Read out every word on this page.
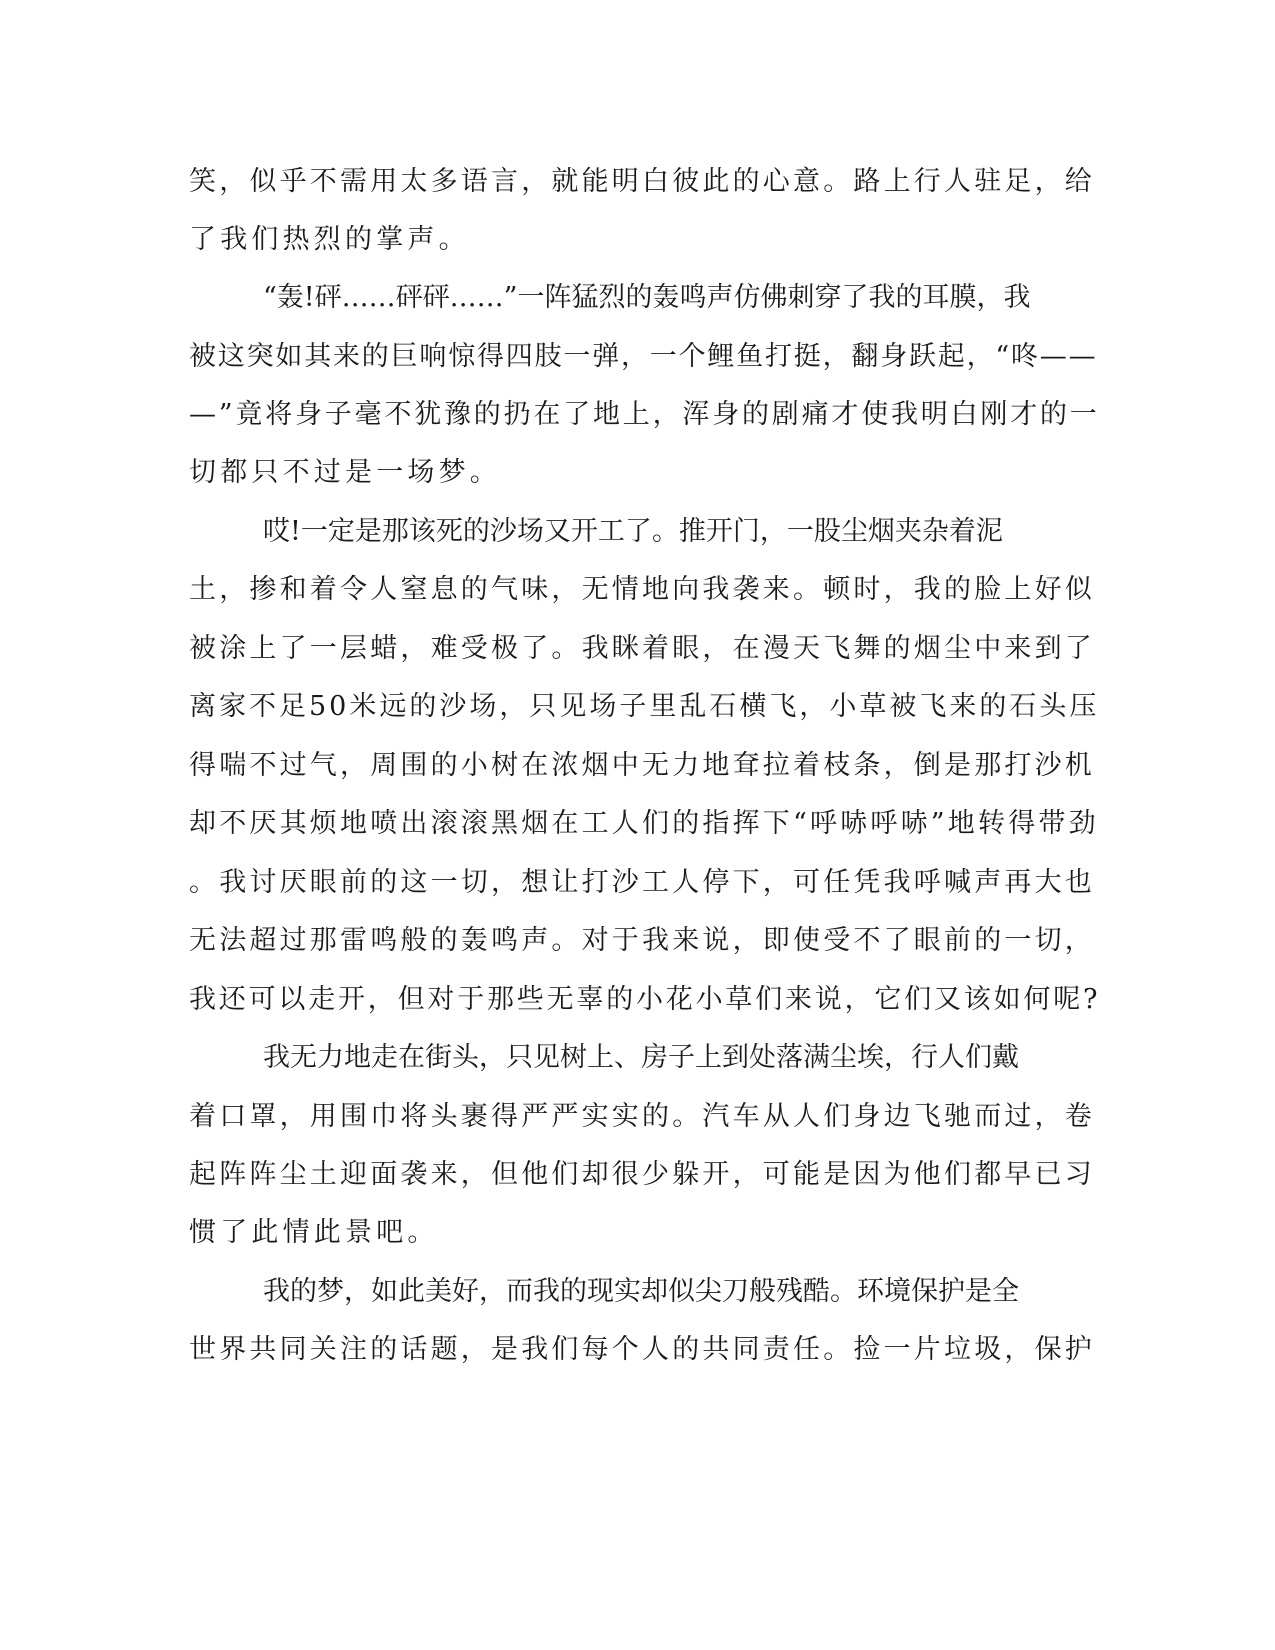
笑，似乎不需用太多语言，就能明白彼此的心意。路上行人驻足，给
了我们热烈的掌声。
“轰!砰……砰砰……”一阵猛烈的轰鸣声仿佛刺穿了我的耳膜，我
被这突如其来的巨响惊得四肢一弹，一个鲤鱼打挺，翻身跃起，“咚——
—”竟将身子毫不犹豫的扔在了地上，浑身的剧痛才使我明白刚才的一
切都只不过是一场梦。
哎!一定是那该死的沙场又开工了。推开门，一股尘烟夹杂着泥
土，掺和着令人窒息的气味，无情地向我袭来。顿时，我的脸上好似
被涂上了一层蜡，难受极了。我眯着眼，在漫天飞舞的烟尘中来到了
离家不足50米远的沙场，只见场子里乱石横飞，小草被飞来的石头压
得喘不过气，周围的小树在浓烟中无力地耷拉着枝条，倒是那打沙机
却不厌其烦地喷出滚滚黑烟在工人们的指挥下“呼哧呼哧”地转得带劲
。我讨厌眼前的这一切，想让打沙工人停下，可任凭我呼喊声再大也
无法超过那雷鸣般的轰鸣声。对于我来说，即使受不了眼前的一切，
我还可以走开，但对于那些无辜的小花小草们来说，它们又该如何呢?
我无力地走在街头，只见树上、房子上到处落满尘埃，行人们戴
着口罩，用围巾将头裹得严严实实的。汽车从人们身边飞驰而过，卷
起阵阵尘土迎面袭来，但他们却很少躲开，可能是因为他们都早已习
惯了此情此景吧。
我的梦，如此美好，而我的现实却似尖刀般残酷。环境保护是全
世界共同关注的话题，是我们每个人的共同责任。捡一片垃圾，保护
